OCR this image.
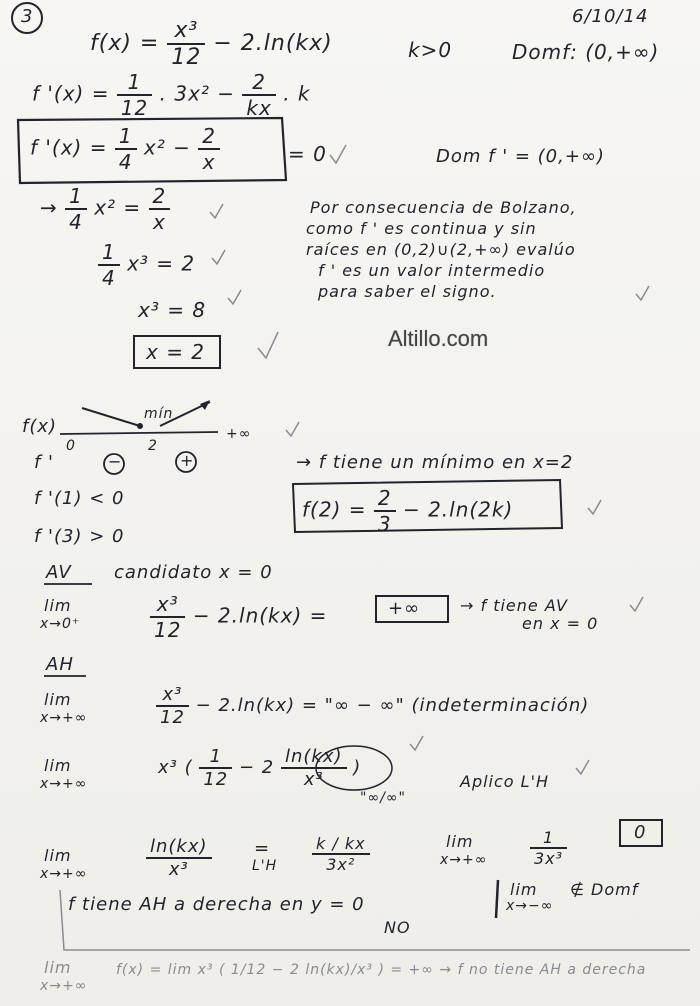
3	6/10/14
$f(x) = \frac{\text{x³}}{12} - 2.\ln(kx)$	k>0	Domf: (0,+∞)
f '$(x) = \frac{1}{12}$ . $3x^2 - \frac{2}{kx}$ . k
f '$(x) = \frac{1}{4} x^2 - \frac{2}{x}$	= 0	Dom f ' = (0,+∞)
→ $\frac{1}{4} x^2 = \frac{2}{x}$
$\frac{1}{4} x^3 = 2$
x³ = 8
x = 2
Por consecuencia de Bolzano,
como f ' es continua y sin
raíces en (0,2)∪(2,+∞) evalúo
f ' es un valor intermedio
para saber el signo.
Altillo.com
f(x)
0	2
+∞
mín
f '	−	+
f '(1) < 0
f '(3) > 0
→ f tiene un mínimo en x=2
$f(2) = \frac{2}{3} - 2.\ln(2k)$
AV candidato x = 0
lim
x→0⁺	$\frac{\text{x³}}{12} - 2.\ln(kx)$ =	+∞ → f tiene AV
en x = 0
AH
lim
x→+∞	$\frac{\text{x³}}{12} - 2.\ln(kx)$ = "∞ − ∞" (indeterminación)
lim
x→+∞
x³ ( $\frac{1}{12} - 2 \frac{\ln(kx)}{\text{x³}}$ )
"∞/∞"
Aplico L'H
lim
x→+∞	$\frac{\ln(kx)}{\text{x³}}$ =
$L'H \frac{k / kx}{\text{3x²}}$	lim
x→+∞	$\frac{1}{\text{3x³}}$	0
f tiene AH a derecha en y = 0
NO
lim
x→−∞
∉ Domf
lim
x→+∞
f(x) = lim x³ ( 1/12 − 2 ln(kx)/x³ ) = +∞ → f no tiene AH a derecha
